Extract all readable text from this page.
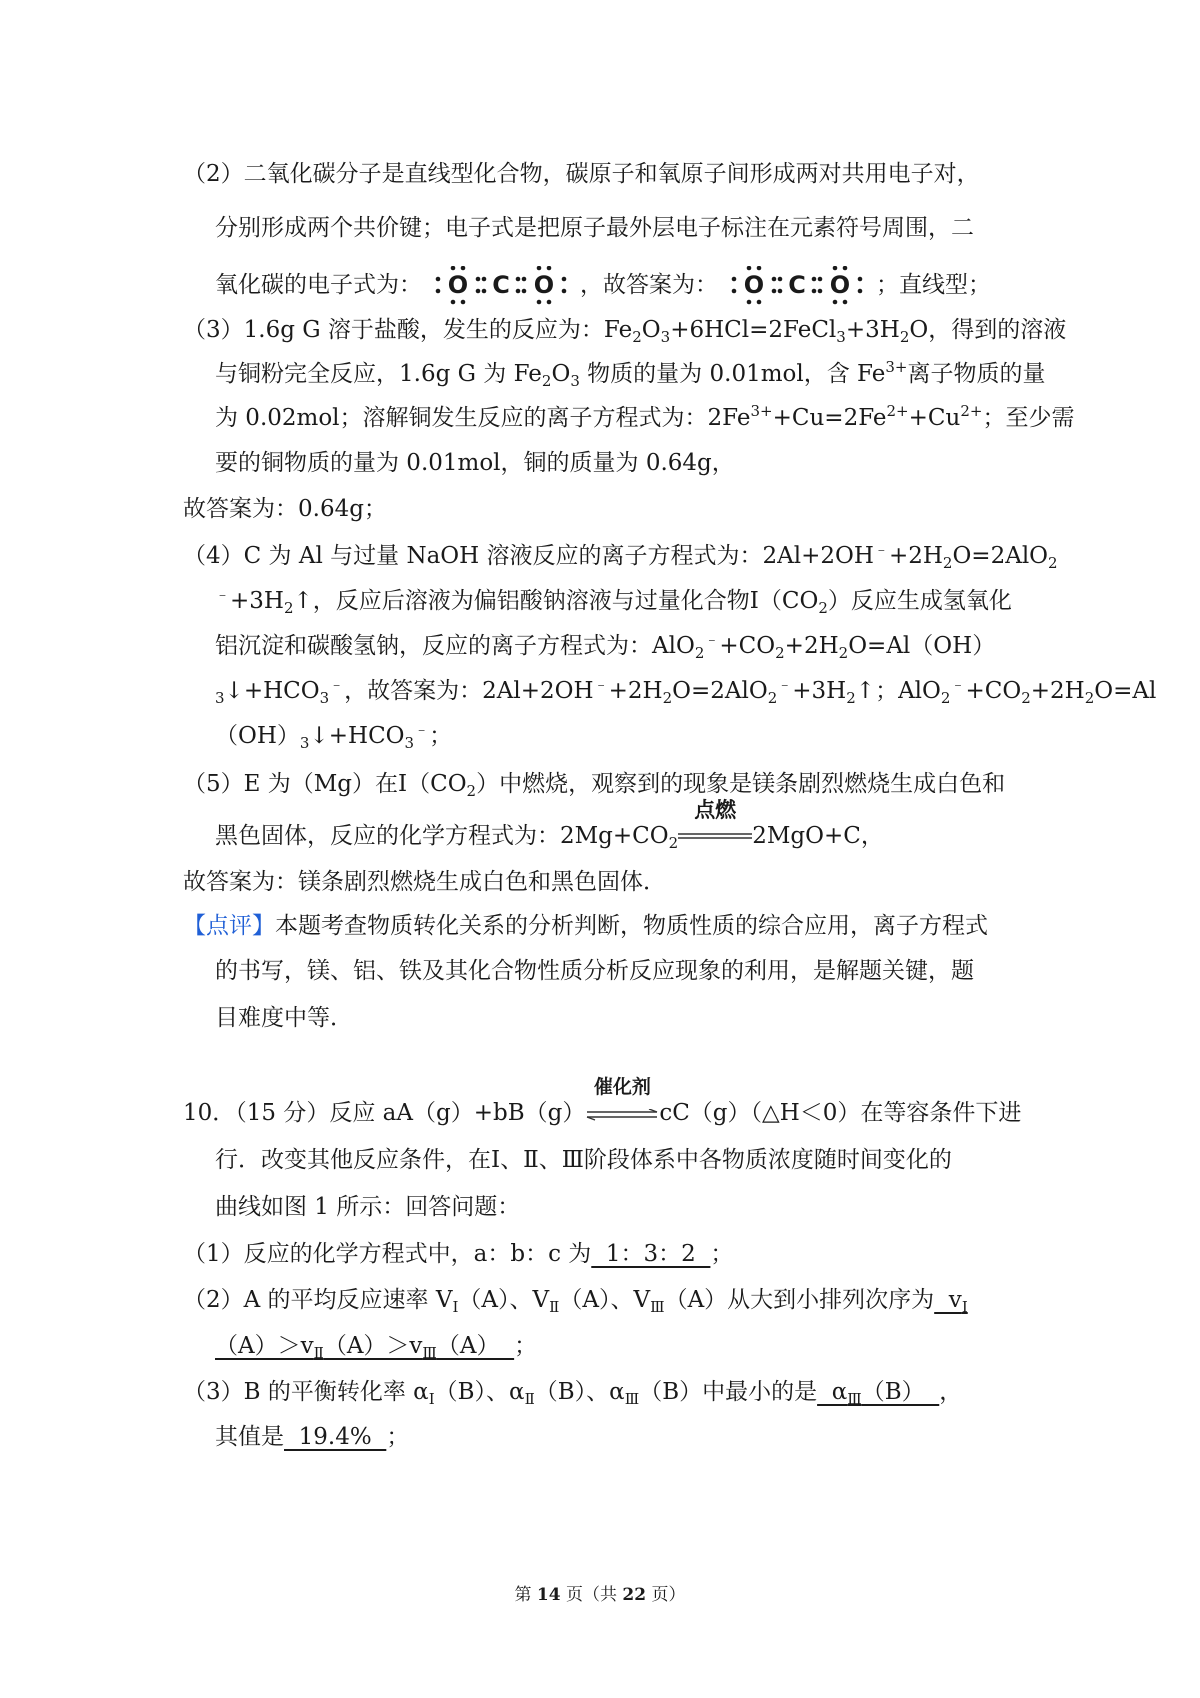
（2）二氧化碳分子是直线型化合物，碳原子和氧原子间形成两对共用电子对，
分别形成两个共价键；电子式是把原子最外层电子标注在元素符号周围，二
氧化碳的电子式为： O C O ，故答案为： O C O ；直线型；
（3）1.6g G 溶于盐酸，发生的反应为：$Fe_2O_3+6HCl=2FeCl_3+3H_2O$，得到的溶液
与铜粉完全反应，1.6g G 为 $Fe_2O_3$ 物质的量为 0.01mol，含 $Fe^{3+}$离子物质的量
为 0.02mol；溶解铜发生反应的离子方程式为：$2Fe^{3+}+Cu=2Fe^{2+}+Cu^{2+}$；至少需
要的铜物质的量为 0.01mol，铜的质量为 0.64g，
故答案为：0.64g；
（4）C 为 Al 与过量 NaOH 溶液反应的离子方程式为：$2Al+2OH^﹣+2H_2O=2AlO_2$
$^﹣+3H_2↑$，反应后溶液为偏铝酸钠溶液与过量化合物$Ⅰ(CO_2)$反应生成氢氧化
铝沉淀和碳酸氢钠，反应的离子方程式为：$AlO_2^﹣+CO_2+2H_2O=Al(OH)$
$_3↓+HCO_3^﹣$，故答案为：$2Al+2OH^﹣+2H_2O=2AlO_2^﹣+3H_2↑$；$AlO_2^﹣+CO_2+2H_2O=Al$
$(OH)_3↓+HCO_3^﹣$；
（5）E 为（Mg）在$Ⅰ(CO_2)$中燃烧，观察到的现象是镁条剧烈燃烧生成白色和
黑色固体，反应的化学方程式为：$2Mg+CO_2$
点燃
2MgO+C，
故答案为：镁条剧烈燃烧生成白色和黑色固体．
【点评】本题考查物质转化关系的分析判断，物质性质的综合应用，离子方程式
的书写，镁、铝、铁及其化合物性质分析反应现象的利用，是解题关键，题
目难度中等．
10．（15 分）反应 aA（g）+bB（g）
催化剂
cC（g）（△H＜0）在等容条件下进
行．改变其他反应条件，在Ⅰ、Ⅱ、Ⅲ阶段体系中各物质浓度随时间变化的
曲线如图 1 所示：回答问题：
（1）反应的化学方程式中，a：b：c 为  1：3：2  ；
（2）A 的平均反应速率 $V_Ⅰ(A)$、$V_Ⅱ(A)$、$V_Ⅲ(A)$从大到小排列次序为  $v_Ⅰ$
$(A)>v_Ⅱ(A)>v_Ⅲ(A)$  ；
（3）B 的平衡转化率 $\alpha_Ⅰ(B)$、$\alpha_Ⅱ(B)$、$\alpha_Ⅲ(B)$中最小的是  $\alpha_Ⅲ(B)$  ，
其值是  19.4%  ；
第 14 页（共 22 页）
